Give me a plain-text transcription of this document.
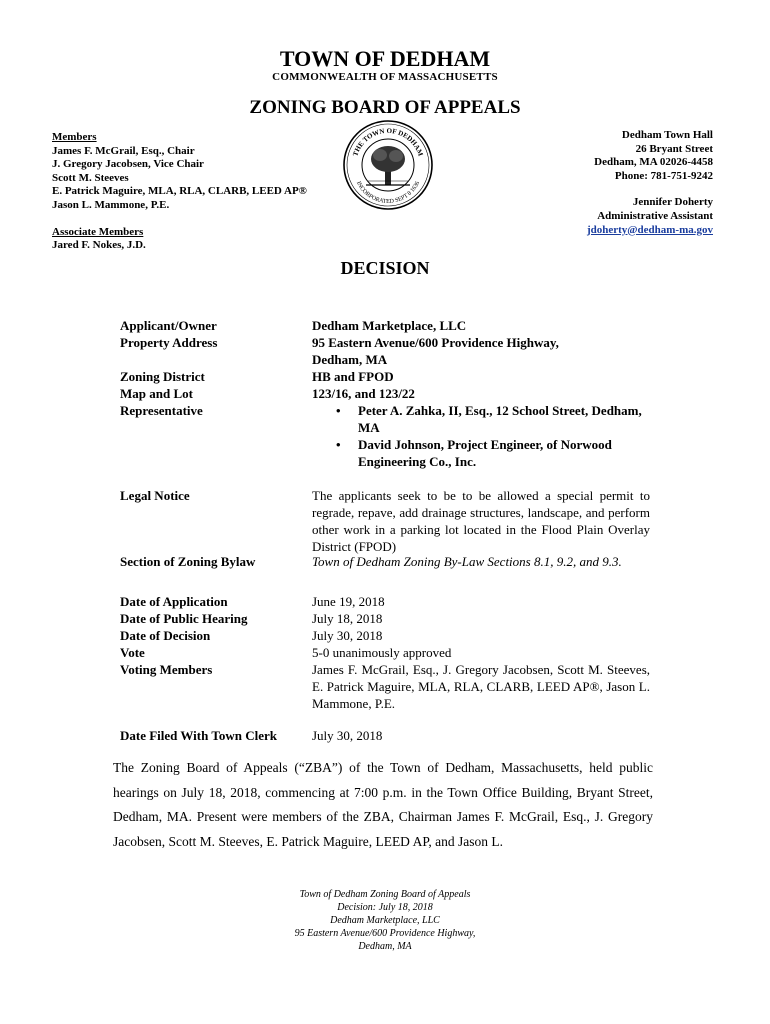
TOWN OF DEDHAM
COMMONWEALTH OF MASSACHUSETTS
ZONING BOARD OF APPEALS
Members
James F. McGrail, Esq., Chair
J. Gregory Jacobsen, Vice Chair
Scott M. Steeves
E. Patrick Maguire, MLA, RLA, CLARB, LEED AP®
Jason L. Mammone, P.E.
Associate Members
Jared F. Nokes, J.D.
THE TOWN OF DEDHAM
INCORPORATED SEPT 8 1636
Dedham Town Hall
26 Bryant Street
Dedham, MA 02026-4458
Phone: 781-751-9242
Jennifer Doherty
Administrative Assistant
jdoherty@dedham-ma.gov
DECISION
Applicant/Owner
Property Address
Zoning District
Map and Lot
Representative
Legal Notice
Section of Zoning Bylaw
Date of Application
Date of Public Hearing
Date of Decision
Vote
Voting Members
Date Filed With Town Clerk
Dedham Marketplace, LLC
95 Eastern Avenue/600 Providence Highway,
Dedham, MA
HB and FPOD
123/16, and 123/22
• Peter A. Zahka, II, Esq., 12 School Street, Dedham, MA
• David Johnson, Project Engineer, of Norwood Engineering Co., Inc.
The applicants seek to be to be allowed a special permit to regrade, repave, add drainage structures, landscape, and perform other work in a parking lot located in the Flood Plain Overlay District (FPOD)
Town of Dedham Zoning By-Law Sections 8.1, 9.2, and 9.3.
June 19, 2018
July 18, 2018
July 30, 2018
5-0 unanimously approved
James F. McGrail, Esq., J. Gregory Jacobsen, Scott M. Steeves, E. Patrick Maguire, MLA, RLA, CLARB, LEED AP®, Jason L. Mammone, P.E.
July 30, 2018
The Zoning Board of Appeals (“ZBA”) of the Town of Dedham, Massachusetts, held public hearings on July 18, 2018, commencing at 7:00 p.m. in the Town Office Building, Bryant Street, Dedham, MA. Present were members of the ZBA, Chairman James F. McGrail, Esq., J. Gregory Jacobsen, Scott M. Steeves, E. Patrick Maguire, LEED AP, and Jason L.
Town of Dedham Zoning Board of Appeals
Decision: July 18, 2018
Dedham Marketplace, LLC
95 Eastern Avenue/600 Providence Highway,
Dedham, MA
